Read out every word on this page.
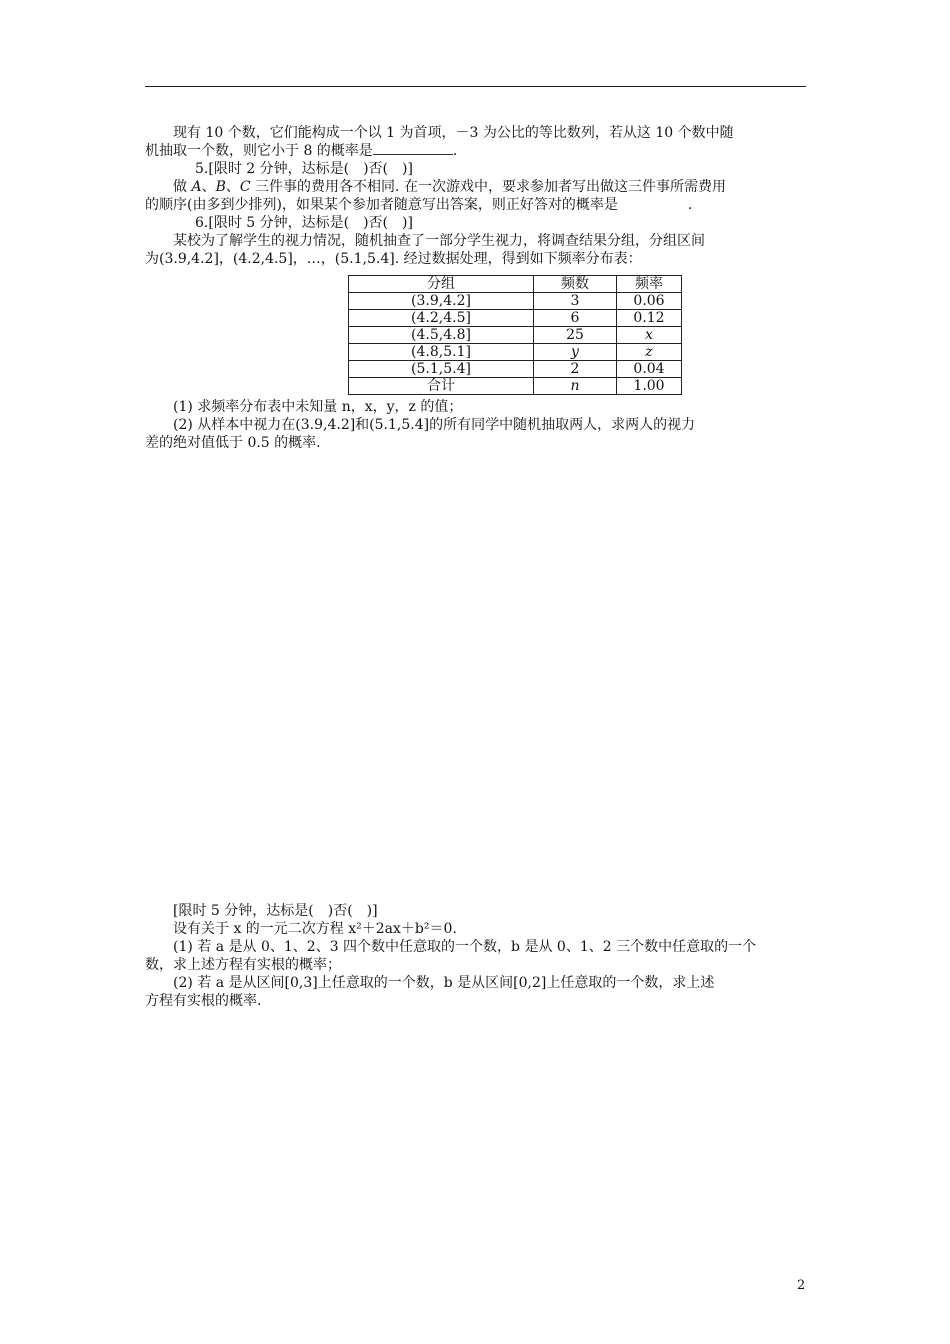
现有 10 个数，它们能构成一个以 1 为首项，－3 为公比的等比数列，若从这 10 个数中随
机抽取一个数，则它小于 8 的概率是	.
5.[限时 2 分钟，达标是(　)否(　)]
做 A、B、C 三件事的费用各不相同. 在一次游戏中，要求参加者写出做这三件事所需费用
的顺序(由多到少排列)，如果某个参加者随意写出答案，则正好答对的概率是	.
6.[限时 5 分钟，达标是(　)否(　)]
某校为了解学生的视力情况，随机抽查了一部分学生视力，将调查结果分组，分组区间
为(3.9,4.2]，(4.2,4.5]，…，(5.1,5.4]. 经过数据处理，得到如下频率分布表：
分组	频数	频率
(3.9,4.2]	3	0.06
(4.2,4.5]	6	0.12
(4.5,4.8]	25	x
(4.8,5.1]	y	z
(5.1,5.4]	2	0.04
合计	n	1.00
(1) 求频率分布表中未知量 n，x，y，z 的值；
(2) 从样本中视力在(3.9,4.2]和(5.1,5.4]的所有同学中随机抽取两人，求两人的视力
差的绝对值低于 0.5 的概率.
[限时 5 分钟，达标是(　)否(　)]
设有关于 x 的一元二次方程 x²＋2ax＋b²＝0.
(1) 若 a 是从 0、1、2、3 四个数中任意取的一个数，b 是从 0、1、2 三个数中任意取的一个
数，求上述方程有实根的概率；
(2) 若 a 是从区间[0,3]上任意取的一个数，b 是从区间[0,2]上任意取的一个数，求上述
方程有实根的概率.
2
